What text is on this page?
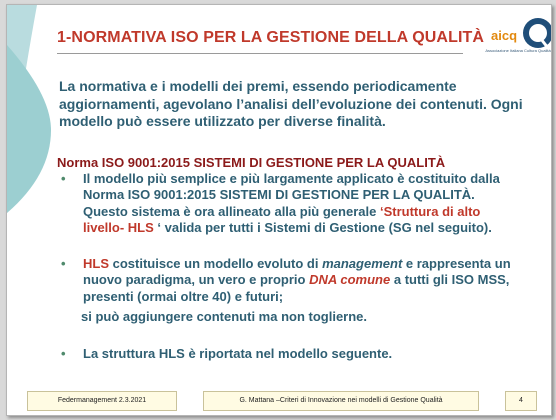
1-NORMATIVA ISO PER LA GESTIONE DELLA QUALITÀ aicq
Associazione Italiana Cultura Qualità
La normativa e i modelli dei premi, essendo periodicamente aggiornamenti, agevolano l’analisi dell’evoluzione dei contenuti. Ogni modello può essere utilizzato per diverse finalità.
Norma ISO 9001:2015 SISTEMI DI GESTIONE PER LA QUALITÀ
• Il modello più semplice e più largamente applicato è costituito dalla Norma ISO 9001:2015 SISTEMI DI GESTIONE PER LA QUALITÀ. Questo sistema è ora allineato alla più generale ‘Struttura di alto livello- HLS ‘ valida per tutti i Sistemi di Gestione (SG nel seguito).
• HLS costituisce un modello evoluto di management e rappresenta un nuovo paradigma, un vero e proprio DNA comune a tutti gli ISO MSS, presenti (ormai oltre 40) e futuri;
si può aggiungere contenuti ma non toglierne.
• La struttura HLS è riportata nel modello seguente.
Federmanagement 2.3.2021	G. Mattana –Criteri di Innovazione nei modelli di Gestione Qualità	4
